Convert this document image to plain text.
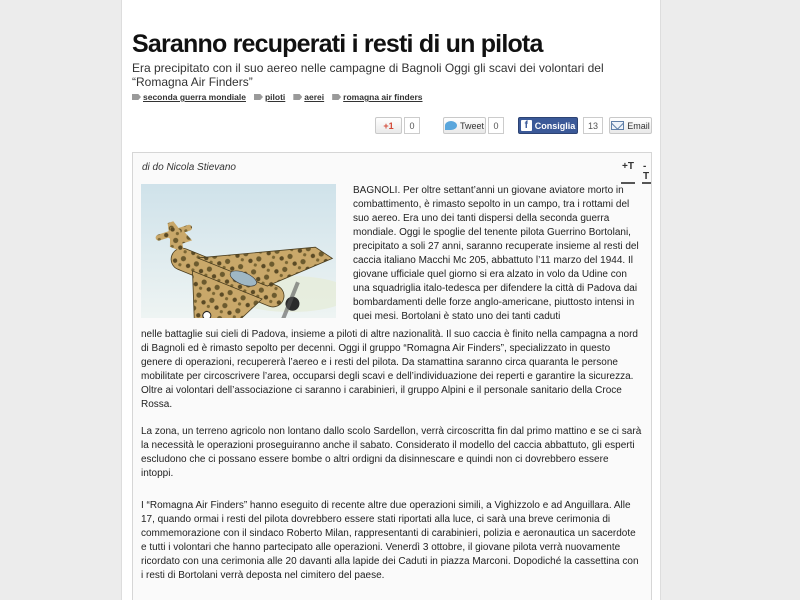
Saranno recuperati i resti di un pilota

Era precipitato con il suo aereo nelle campagne di Bagnoli Oggi gli scavi dei volontari del “Romagna Air Finders”

seconda guerra mondiale piloti aerei romagna air finders
+1	0	Tweet	0	f Consiglia	13	Email
di do Nicola Stievano	+T -T
BAGNOLI. Per oltre settant’anni un giovane aviatore morto in combattimento, è rimasto sepolto in un campo, tra i rottami del suo aereo. Era uno dei tanti dispersi della seconda guerra mondiale. Oggi le spoglie del tenente pilota Guerrino Bortolani, precipitato a soli 27 anni, saranno recuperate insieme al resti del caccia italiano Macchi Mc 205, abbattuto l’11 marzo del 1944. Il giovane ufficiale quel giorno si era alzato in volo da Udine con una squadriglia italo-tedesca per difendere la città di Padova dai bombardamenti delle forze anglo-americane, piuttosto intensi in quei mesi. Bortolani è stato uno dei tanti caduti
nelle battaglie sui cieli di Padova, insieme a piloti di altre nazionalità. Il suo caccia è finito nella campagna a nord di Bagnoli ed è rimasto sepolto per decenni. Oggi il gruppo “Romagna Air Finders”, specializzato in questo genere di operazioni, recupererà l’aereo e i resti del pilota. Da stamattina saranno circa quaranta le persone mobilitate per circoscrivere l’area, occuparsi degli scavi e dell’individuazione dei reperti e garantire la sicurezza. Oltre ai volontari dell’associazione ci saranno i carabinieri, il gruppo Alpini e il personale sanitario della Croce Rossa.
La zona, un terreno agricolo non lontano dallo scolo Sardellon, verrà circoscritta fin dal primo mattino e se ci sarà la necessità le operazioni proseguiranno anche il sabato. Considerato il modello del caccia abbattuto, gli esperti escludono che ci possano essere bombe o altri ordigni da disinnescare e quindi non ci dovrebbero essere intoppi.
I “Romagna Air Finders” hanno eseguito di recente altre due operazioni simili, a Vighizzolo e ad Anguillara. Alle 17, quando ormai i resti del pilota dovrebbero essere stati riportati alla luce, ci sarà una breve cerimonia di commemorazione con il sindaco Roberto Milan, rappresentanti di carabinieri, polizia e aeronautica un sacerdote e tutti i volontari che hanno partecipato alle operazioni. Venerdì 3 ottobre, il giovane pilota verrà nuovamente ricordato con una cerimonia alle 20 davanti alla lapide dei Caduti in piazza Marconi. Dopodiché la cassettina con i resti di Bortolani verrà deposta nel cimitero del paese.
